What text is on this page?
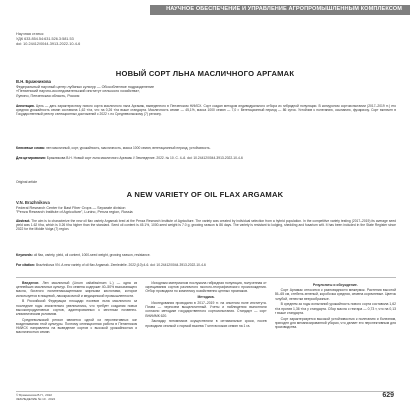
НАУЧНОЕ ОБЕСПЕЧЕНИЕ И УПРАВЛЕНИЕ АГРОПРОМЫШЛЕННЫМ КОМПЛЕКСОМ
Научная статья
УДК 633.854.54:631.526.3:581.53
doi: 10.24412/0044-3913-2022-10-4-6
НОВЫЙ СОРТ ЛЬНА МАСЛИЧНОГО АРГАМАК
В.Н. Бражникова
Федеральный научный центр лубяных культур — Обособленное подразделение
«Пензенский научно-исследовательский институт сельского хозяйства»,
Лунино, Пензенская область, Россия
Аннотация. Цель — дать характеристику нового сорта масличного льна Аргамак, выведенного в Пензенском НИИСХ. Сорт создан методом индивидуального отбора из гибридной популяции. В конкурсном сортоиспытании (2017–2019 гг.) его средняя урожайность семян составила 1,62 т/га, что на 0,26 т/га выше стандарта. Масличность семян — 45,1%, масса 1000 семян — 7,0 г. Вегетационный период — 86 суток. Устойчив к полеганию, осыпанию, фузариозу. Сорт включен в Государственный реестр селекционных достижений с 2022 г. по Средневолжскому (7) региону.
Ключевые слова: лен масличный, сорт, урожайность, масличность, масса 1000 семян, вегетационный период, устойчивость.
Для цитирования: Бражникова В.Н. Новый сорт льна масличного Аргамак // Земледелие. 2022. № 10. С. 4–6. doi: 10.24412/0044-3913-2022-10-4-6
Original article
A NEW VARIETY OF OIL FLAX ARGAMAK
V.N. Brazhnikova
Federal Research Center for Bast Fiber Crops — Separate division
"Penza Research Institute of Agriculture", Lunino, Penza region, Russia
Abstract. The aim is to characterize the new oil flax variety Argamak bred at the Penza Research Institute of Agriculture. The variety was created by individual selection from a hybrid population. In the competitive variety testing (2017–2019) its average seed yield was 1.62 t/ha, which is 0.26 t/ha higher than the standard. Seed oil content is 45.1%, 1000-seed weight is 7.0 g, growing season is 86 days. The variety is resistant to lodging, shedding and fusarium wilt. It has been included in the State Register since 2022 for the Middle Volga (7) region.
Keywords: oil flax, variety, yield, oil content, 1000-seed weight, growing season, resistance.
For citation: Brazhnikova VN. A new variety of oil flax Argamak. Zemledelie. 2022;(10):4-6. doi: 10.24412/0044-3913-2022-10-4-6

Введение. Лен масличный (Linum usitatissimum L.) — одна из ценнейших масличных культур. Его семена содержат 40–50% высыхающего масла, богатого полиненасыщенными жирными кислотами, которое используется в пищевой, лакокрасочной и медицинской промышленности.

В Российской Федерации площади посевов льна масличного за последние годы значительно увеличились, что требует создания новых высокопродуктивных сортов, адаптированных к местным почвенно-климатическим условиям.

Средневолжский регион является одной из перспективных зон возделывания этой культуры. Поэтому селекционная работа в Пензенском НИИСХ направлена на выведение сортов с высокой урожайностью и масличностью семян.

Исходным материалом послужила гибридная популяция, полученная от скрещивания сортов различного эколого-географического происхождения. Отбор проводили по комплексу хозяйственно ценных признаков.

Методика.

Исследования проводили в 2017–2019 гг. на опытном поле института. Почва — чернозем выщелоченный. Учеты и наблюдения выполняли согласно методике государственного сортоиспытания. Стандарт — сорт ВНИИМК 620.

Закладку питомников осуществляли в оптимальные сроки, посев проводили сеялкой с нормой высева 7 млн всхожих семян на 1 га.

Результаты и обсуждение.

Сорт Аргамак относится к разновидности межеумок. Растения высотой 55–65 см, стебель зеленый, коробочка средняя, семена коричневые. Цветок голубой, лепестки веерообразные.

В среднем за годы испытаний урожайность нового сорта составила 1,62 т/га против 1,36 т/га у стандарта. Сбор масла с гектара — 0,73 т, что на 0,13 т выше стандарта.

Сорт характеризуется высокой устойчивостью к полеганию и болезням, пригоден для механизированной уборки, что делает его перспективным для производства.

© Бражникова В.Н., 2022
ЗЕМЛЕДЕЛИЕ № 10 · 2022	629
